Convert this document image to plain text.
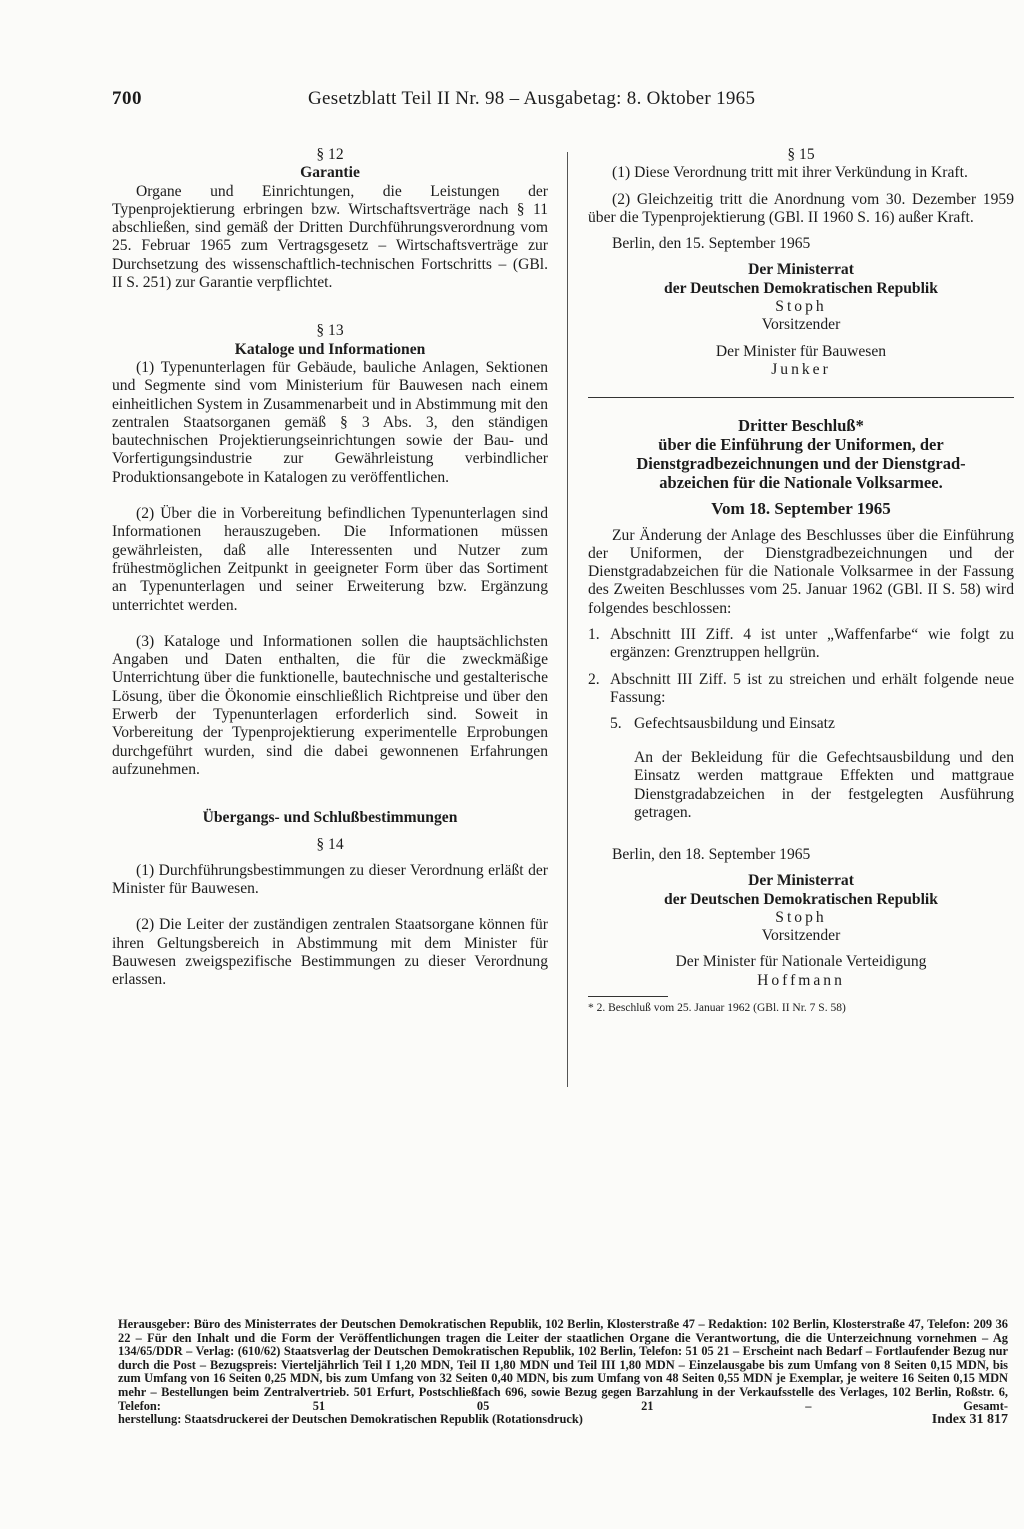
700	Gesetzblatt Teil II Nr. 98 – Ausgabetag: 8. Oktober 1965

§ 12

Garantie

Organe und Einrichtungen, die Leistungen der Typenprojektierung erbringen bzw. Wirtschaftsverträge nach § 11 abschließen, sind gemäß der Dritten Durchführungsverordnung vom 25. Februar 1965 zum Vertragsgesetz – Wirtschaftsverträge zur Durchsetzung des wissenschaftlich-technischen Fortschritts – (GBl. II S. 251) zur Garantie verpflichtet.

§ 13

Kataloge und Informationen

(1) Typenunterlagen für Gebäude, bauliche Anlagen, Sektionen und Segmente sind vom Ministerium für Bauwesen nach einem einheitlichen System in Zusammenarbeit und in Abstimmung mit den zentralen Staatsorganen gemäß § 3 Abs. 3, den ständigen bautechnischen Projektierungseinrichtungen sowie der Bau- und Vorfertigungsindustrie zur Gewährleistung verbindlicher Produktionsangebote in Katalogen zu veröffentlichen.

(2) Über die in Vorbereitung befindlichen Typenunterlagen sind Informationen herauszugeben. Die Informationen müssen gewährleisten, daß alle Interessenten und Nutzer zum frühestmöglichen Zeitpunkt in geeigneter Form über das Sortiment an Typenunterlagen und seiner Erweiterung bzw. Ergänzung unterrichtet werden.

(3) Kataloge und Informationen sollen die hauptsächlichsten Angaben und Daten enthalten, die für die zweckmäßige Unterrichtung über die funktionelle, bautechnische und gestalterische Lösung, über die Ökonomie einschließlich Richtpreise und über den Erwerb der Typenunterlagen erforderlich sind. Soweit in Vorbereitung der Typenprojektierung experimentelle Erprobungen durchgeführt wurden, sind die dabei gewonnenen Erfahrungen aufzunehmen.

Übergangs- und Schlußbestimmungen

§ 14

(1) Durchführungsbestimmungen zu dieser Verordnung erläßt der Minister für Bauwesen.

(2) Die Leiter der zuständigen zentralen Staatsorgane können für ihren Geltungsbereich in Abstimmung mit dem Minister für Bauwesen zweigspezifische Bestimmungen zu dieser Verordnung erlassen.

§ 15

(1) Diese Verordnung tritt mit ihrer Verkündung in Kraft.

(2) Gleichzeitig tritt die Anordnung vom 30. Dezember 1959 über die Typenprojektierung (GBl. II 1960 S. 16) außer Kraft.

Berlin, den 15. September 1965

Der Ministerrat

der Deutschen Demokratischen Republik

Stoph

Vorsitzender

Der Minister für Bauwesen

Junker

Dritter Beschluß*

über die Einführung der Uniformen, der

Dienstgradbezeichnungen und der Dienstgrad-

abzeichen für die Nationale Volksarmee.

Vom 18. September 1965

Zur Änderung der Anlage des Beschlusses über die Einführung der Uniformen, der Dienstgradbezeichnungen und der Dienstgradabzeichen für die Nationale Volksarmee in der Fassung des Zweiten Beschlusses vom 25. Januar 1962 (GBl. II S. 58) wird folgendes beschlossen:

1. Abschnitt III Ziff. 4 ist unter „Waffenfarbe“ wie folgt zu ergänzen: Grenztruppen hellgrün.
2. Abschnitt III Ziff. 5 ist zu streichen und erhält folgende neue Fassung:
5. Gefechtsausbildung und Einsatz

An der Bekleidung für die Gefechtsausbildung und den Einsatz werden mattgraue Effekten und mattgraue Dienstgradabzeichen in der festgelegten Ausführung getragen.

Berlin, den 18. September 1965

Der Ministerrat

der Deutschen Demokratischen Republik

Stoph

Vorsitzender

Der Minister für Nationale Verteidigung

Hoffmann

* 2. Beschluß vom 25. Januar 1962 (GBl. II Nr. 7 S. 58)

Herausgeber: Büro des Ministerrates der Deutschen Demokratischen Republik, 102 Berlin, Klosterstraße 47 – Redaktion: 102 Berlin, Klosterstraße 47, Telefon: 209 36 22 – Für den Inhalt und die Form der Veröffentlichungen tragen die Leiter der staatlichen Organe die Verantwortung, die die Unterzeichnung vornehmen – Ag 134/65/DDR – Verlag: (610/62) Staatsverlag der Deutschen Demokratischen Republik, 102 Berlin, Telefon: 51 05 21 – Erscheint nach Bedarf – Fortlaufender Bezug nur durch die Post – Bezugspreis: Vierteljährlich Teil I 1,20 MDN, Teil II 1,80 MDN und Teil III 1,80 MDN – Einzelausgabe bis zum Umfang von 8 Seiten 0,15 MDN, bis zum Umfang von 16 Seiten 0,25 MDN, bis zum Umfang von 32 Seiten 0,40 MDN, bis zum Umfang von 48 Seiten 0,55 MDN je Exemplar, je weitere 16 Seiten 0,15 MDN mehr – Bestellungen beim Zentralvertrieb. 501 Erfurt, Postschließfach 696, sowie Bezug gegen Barzahlung in der Verkaufsstelle des Verlages, 102 Berlin, Roßstr. 6, Telefon: 51 05 21 – Gesamt-
herstellung: Staatsdruckerei der Deutschen Demokratischen Republik (Rotationsdruck)	Index 31 817
